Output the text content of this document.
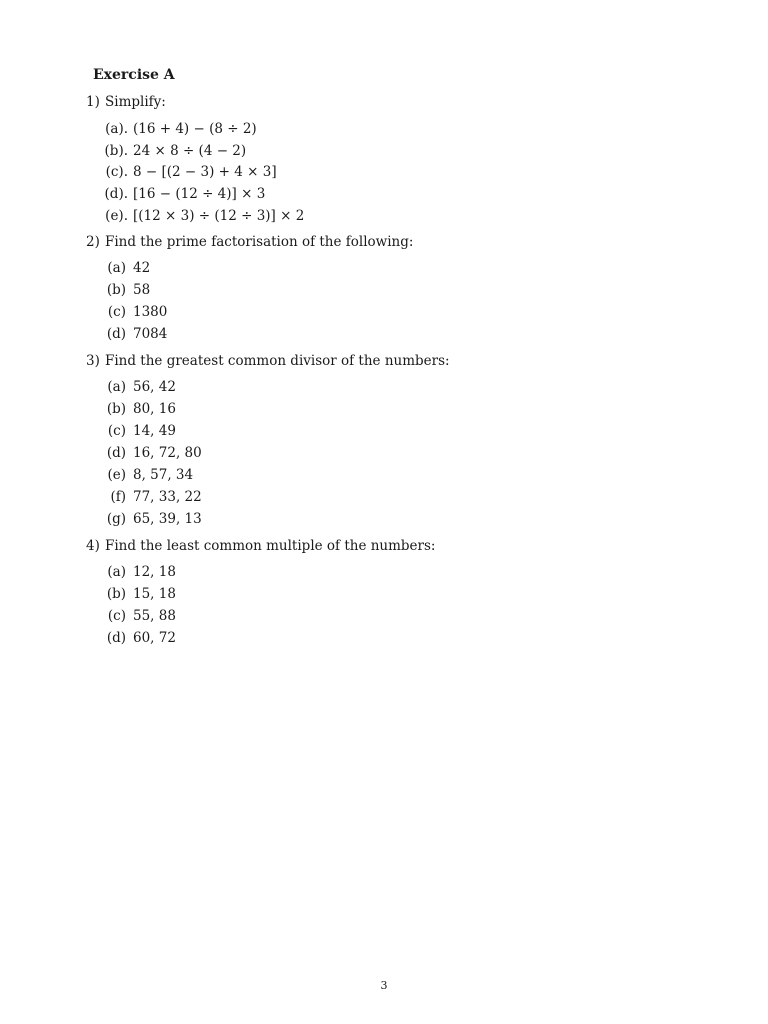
Exercise A
1) Simplify:
(a). (16 + 4) − (8 ÷ 2)
(b). 24 × 8 ÷ (4 − 2)
(c). 8 − [(2 − 3) + 4 × 3]
(d). [16 − (12 ÷ 4)] × 3
(e). [(12 × 3) ÷ (12 ÷ 3)] × 2
2) Find the prime factorisation of the following:
(a) 42
(b) 58
(c) 1380
(d) 7084
3) Find the greatest common divisor of the numbers:
(a) 56, 42
(b) 80, 16
(c) 14, 49
(d) 16, 72, 80
(e) 8, 57, 34
(f) 77, 33, 22
(g) 65, 39, 13
4) Find the least common multiple of the numbers:
(a) 12, 18
(b) 15, 18
(c) 55, 88
(d) 60, 72
3
